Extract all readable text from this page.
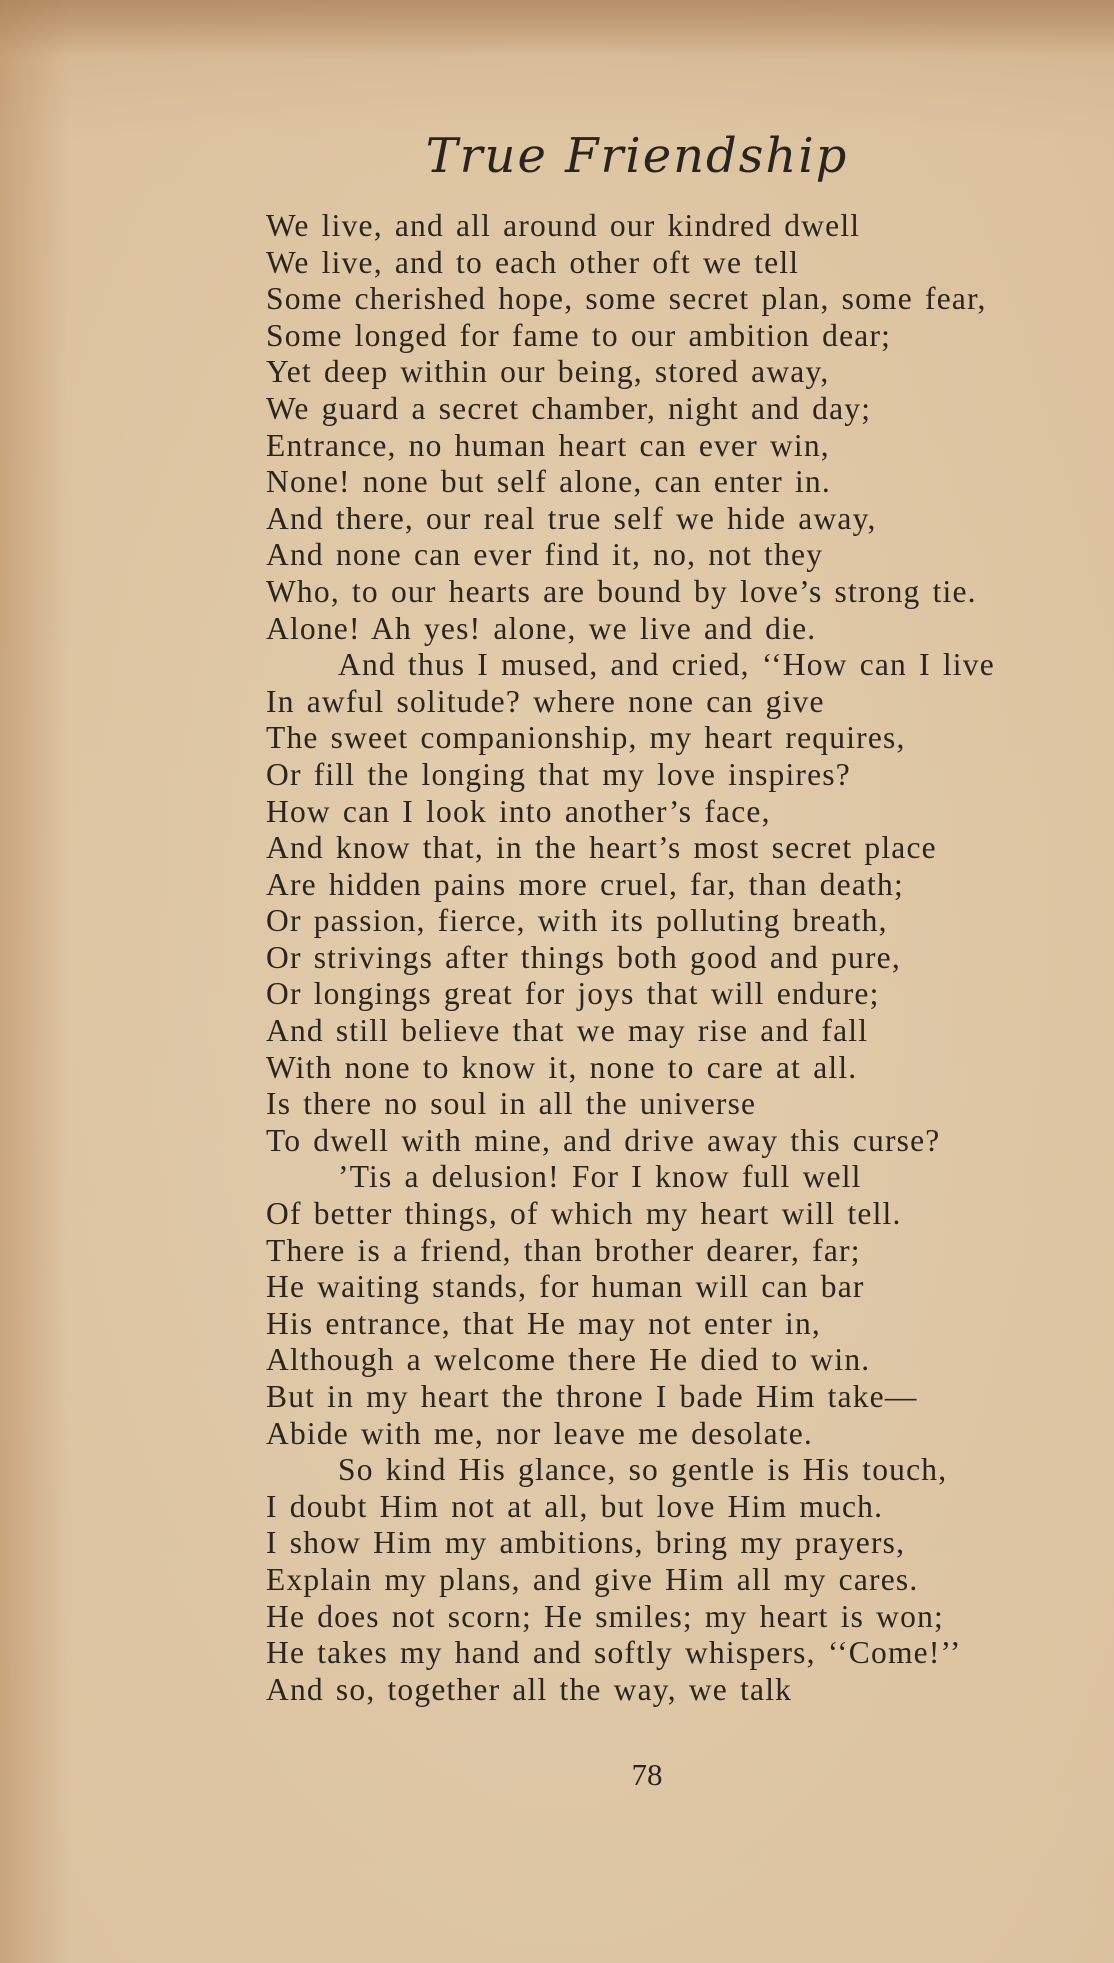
True Friendship
We live, and all around our kindred dwell
We live, and to each other oft we tell
Some cherished hope, some secret plan, some fear,
Some longed for fame to our ambition dear;
Yet deep within our being, stored away,
We guard a secret chamber, night and day;
Entrance, no human heart can ever win,
None! none but self alone, can enter in.
And there, our real true self we hide away,
And none can ever find it, no, not they
Who, to our hearts are bound by love’s strong tie.
Alone! Ah yes! alone, we live and die.
And thus I mused, and cried, ‘‘How can I live
In awful solitude? where none can give
The sweet companionship, my heart requires,
Or fill the longing that my love inspires?
How can I look into another’s face,
And know that, in the heart’s most secret place
Are hidden pains more cruel, far, than death;
Or passion, fierce, with its polluting breath,
Or strivings after things both good and pure,
Or longings great for joys that will endure;
And still believe that we may rise and fall
With none to know it, none to care at all.
Is there no soul in all the universe
To dwell with mine, and drive away this curse?
’Tis a delusion! For I know full well
Of better things, of which my heart will tell.
There is a friend, than brother dearer, far;
He waiting stands, for human will can bar
His entrance, that He may not enter in,
Although a welcome there He died to win.
But in my heart the throne I bade Him take—
Abide with me, nor leave me desolate.
So kind His glance, so gentle is His touch,
I doubt Him not at all, but love Him much.
I show Him my ambitions, bring my prayers,
Explain my plans, and give Him all my cares.
He does not scorn; He smiles; my heart is won;
He takes my hand and softly whispers, ‘‘Come!’’
And so, together all the way, we talk
78
